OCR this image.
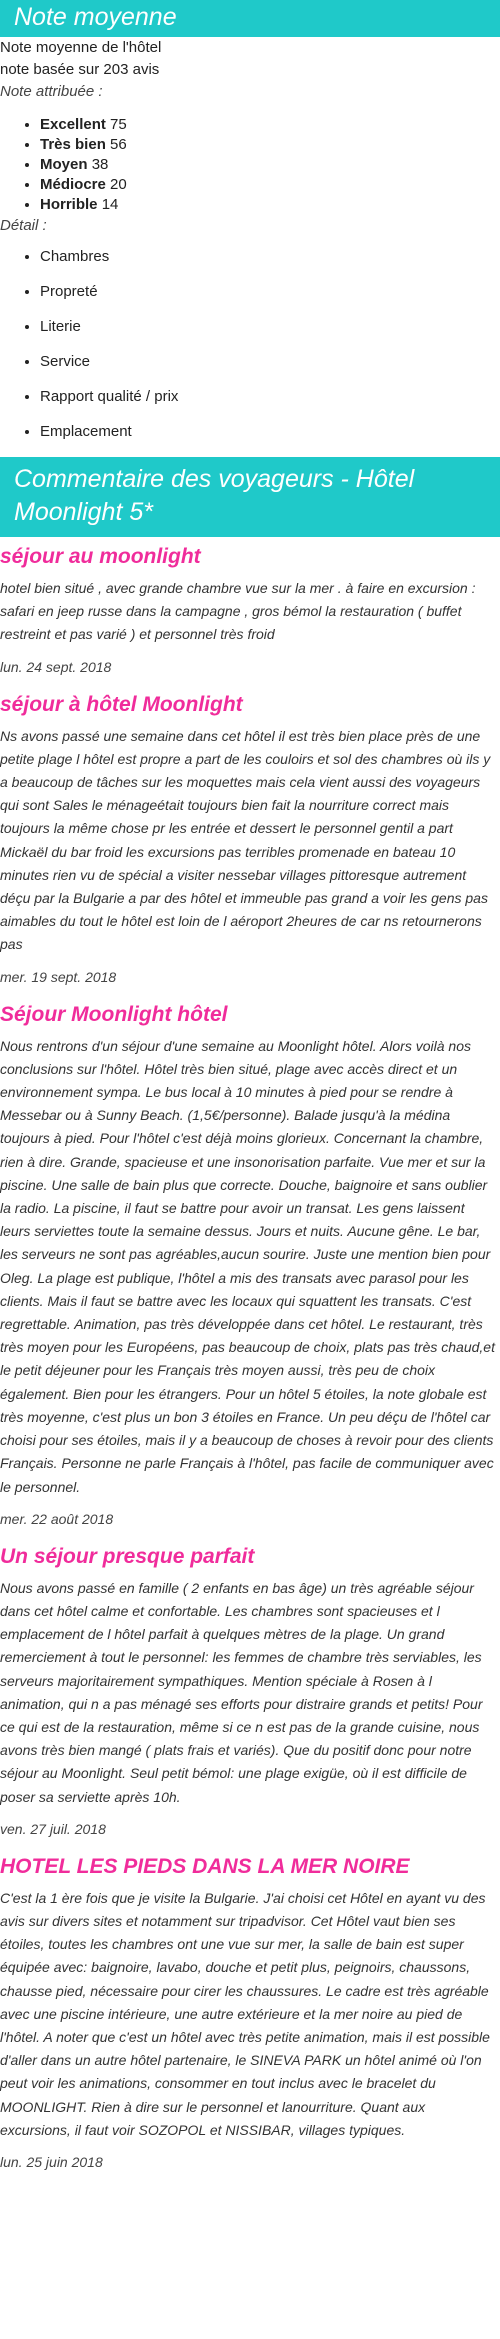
Note moyenne

Note moyenne de l'hôtel

note basée sur 203 avis

Note attribuée :

• Excellent 75
• Très bien 56
• Moyen 38
• Médiocre 20
• Horrible 14

Détail :

• Chambres
• Propreté
• Literie
• Service
• Rapport qualité / prix
• Emplacement
Commentaire des voyageurs - Hôtel Moonlight 5*
séjour au moonlight

hotel bien situé , avec grande chambre vue sur la mer . à faire en excursion : safari en jeep russe dans la campagne , gros bémol la restauration ( buffet restreint et pas varié ) et personnel très froid

lun. 24 sept. 2018

séjour à hôtel Moonlight

Ns avons passé une semaine dans cet hôtel il est très bien place près de une petite plage l hôtel est propre a part de les couloirs et sol des chambres où ils y a beaucoup de tâches sur les moquettes mais cela vient aussi des voyageurs qui sont Sales le ménageétait toujours bien fait la nourriture correct mais toujours la même chose pr les entrée et dessert le personnel gentil a part Mickaël du bar froid les excursions pas terribles promenade en bateau 10 minutes rien vu de spécial a visiter nessebar villages pittoresque autrement déçu par la Bulgarie a par des hôtel et immeuble pas grand a voir les gens pas aimables du tout le hôtel est loin de l aéroport 2heures de car ns retournerons pas

mer. 19 sept. 2018

Séjour Moonlight hôtel

Nous rentrons d'un séjour d'une semaine au Moonlight hôtel. Alors voilà nos conclusions sur l'hôtel. Hôtel très bien situé, plage avec accès direct et un environnement sympa. Le bus local à 10 minutes à pied pour se rendre à Messebar ou à Sunny Beach. (1,5€/personne). Balade jusqu'à la médina toujours à pied. Pour l'hôtel c'est déjà moins glorieux. Concernant la chambre, rien à dire. Grande, spacieuse et une insonorisation parfaite. Vue mer et sur la piscine. Une salle de bain plus que correcte. Douche, baignoire et sans oublier la radio. La piscine, il faut se battre pour avoir un transat. Les gens laissent leurs serviettes toute la semaine dessus. Jours et nuits. Aucune gêne. Le bar, les serveurs ne sont pas agréables,aucun sourire. Juste une mention bien pour Oleg. La plage est publique, l'hôtel a mis des transats avec parasol pour les clients. Mais il faut se battre avec les locaux qui squattent les transats. C'est regrettable. Animation, pas très développée dans cet hôtel. Le restaurant, très très moyen pour les Européens, pas beaucoup de choix, plats pas très chaud,et le petit déjeuner pour les Français très moyen aussi, très peu de choix également. Bien pour les étrangers. Pour un hôtel 5 étoiles, la note globale est très moyenne, c'est plus un bon 3 étoiles en France. Un peu déçu de l'hôtel car choisi pour ses étoiles, mais il y a beaucoup de choses à revoir pour des clients Français. Personne ne parle Français à l'hôtel, pas facile de communiquer avec le personnel.

mer. 22 août 2018

Un séjour presque parfait

Nous avons passé en famille ( 2 enfants en bas âge) un très agréable séjour dans cet hôtel calme et confortable. Les chambres sont spacieuses et l emplacement de l hôtel parfait à quelques mètres de la plage. Un grand remerciement à tout le personnel: les femmes de chambre très serviables, les serveurs majoritairement sympathiques. Mention spéciale à Rosen à l animation, qui n a pas ménagé ses efforts pour distraire grands et petits! Pour ce qui est de la restauration, même si ce n est pas de la grande cuisine, nous avons très bien mangé ( plats frais et variés). Que du positif donc pour notre séjour au Moonlight. Seul petit bémol: une plage exigüe, où il est difficile de poser sa serviette après 10h.

ven. 27 juil. 2018

HOTEL LES PIEDS DANS LA MER NOIRE

C'est la 1 ère fois que je visite la Bulgarie. J'ai choisi cet Hôtel en ayant vu des avis sur divers sites et notamment sur tripadvisor. Cet Hôtel vaut bien ses étoiles, toutes les chambres ont une vue sur mer, la salle de bain est super équipée avec: baignoire, lavabo, douche et petit plus, peignoirs, chaussons, chausse pied, nécessaire pour cirer les chaussures. Le cadre est très agréable avec une piscine intérieure, une autre extérieure et la mer noire au pied de l'hôtel. A noter que c'est un hôtel avec très petite animation, mais il est possible d'aller dans un autre hôtel partenaire, le SINEVA PARK un hôtel animé où l'on peut voir les animations, consommer en tout inclus avec le bracelet du MOONLIGHT. Rien à dire sur le personnel et lanourriture. Quant aux excursions, il faut voir SOZOPOL et NISSIBAR, villages typiques.

lun. 25 juin 2018
